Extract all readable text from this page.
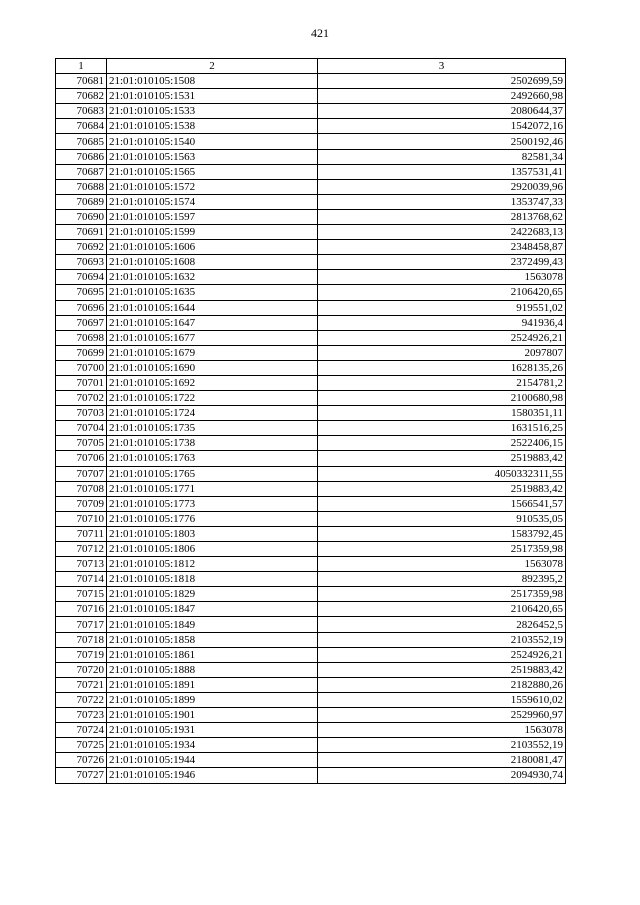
421
1	2	3
70681	21:01:010105:1508	2502699,59
70682	21:01:010105:1531	2492660,98
70683	21:01:010105:1533	2080644,37
70684	21:01:010105:1538	1542072,16
70685	21:01:010105:1540	2500192,46
70686	21:01:010105:1563	82581,34
70687	21:01:010105:1565	1357531,41
70688	21:01:010105:1572	2920039,96
70689	21:01:010105:1574	1353747,33
70690	21:01:010105:1597	2813768,62
70691	21:01:010105:1599	2422683,13
70692	21:01:010105:1606	2348458,87
70693	21:01:010105:1608	2372499,43
70694	21:01:010105:1632	1563078
70695	21:01:010105:1635	2106420,65
70696	21:01:010105:1644	919551,02
70697	21:01:010105:1647	941936,4
70698	21:01:010105:1677	2524926,21
70699	21:01:010105:1679	2097807
70700	21:01:010105:1690	1628135,26
70701	21:01:010105:1692	2154781,2
70702	21:01:010105:1722	2100680,98
70703	21:01:010105:1724	1580351,11
70704	21:01:010105:1735	1631516,25
70705	21:01:010105:1738	2522406,15
70706	21:01:010105:1763	2519883,42
70707	21:01:010105:1765	4050332311,55
70708	21:01:010105:1771	2519883,42
70709	21:01:010105:1773	1566541,57
70710	21:01:010105:1776	910535,05
70711	21:01:010105:1803	1583792,45
70712	21:01:010105:1806	2517359,98
70713	21:01:010105:1812	1563078
70714	21:01:010105:1818	892395,2
70715	21:01:010105:1829	2517359,98
70716	21:01:010105:1847	2106420,65
70717	21:01:010105:1849	2826452,5
70718	21:01:010105:1858	2103552,19
70719	21:01:010105:1861	2524926,21
70720	21:01:010105:1888	2519883,42
70721	21:01:010105:1891	2182880,26
70722	21:01:010105:1899	1559610,02
70723	21:01:010105:1901	2529960,97
70724	21:01:010105:1931	1563078
70725	21:01:010105:1934	2103552,19
70726	21:01:010105:1944	2180081,47
70727	21:01:010105:1946	2094930,74
